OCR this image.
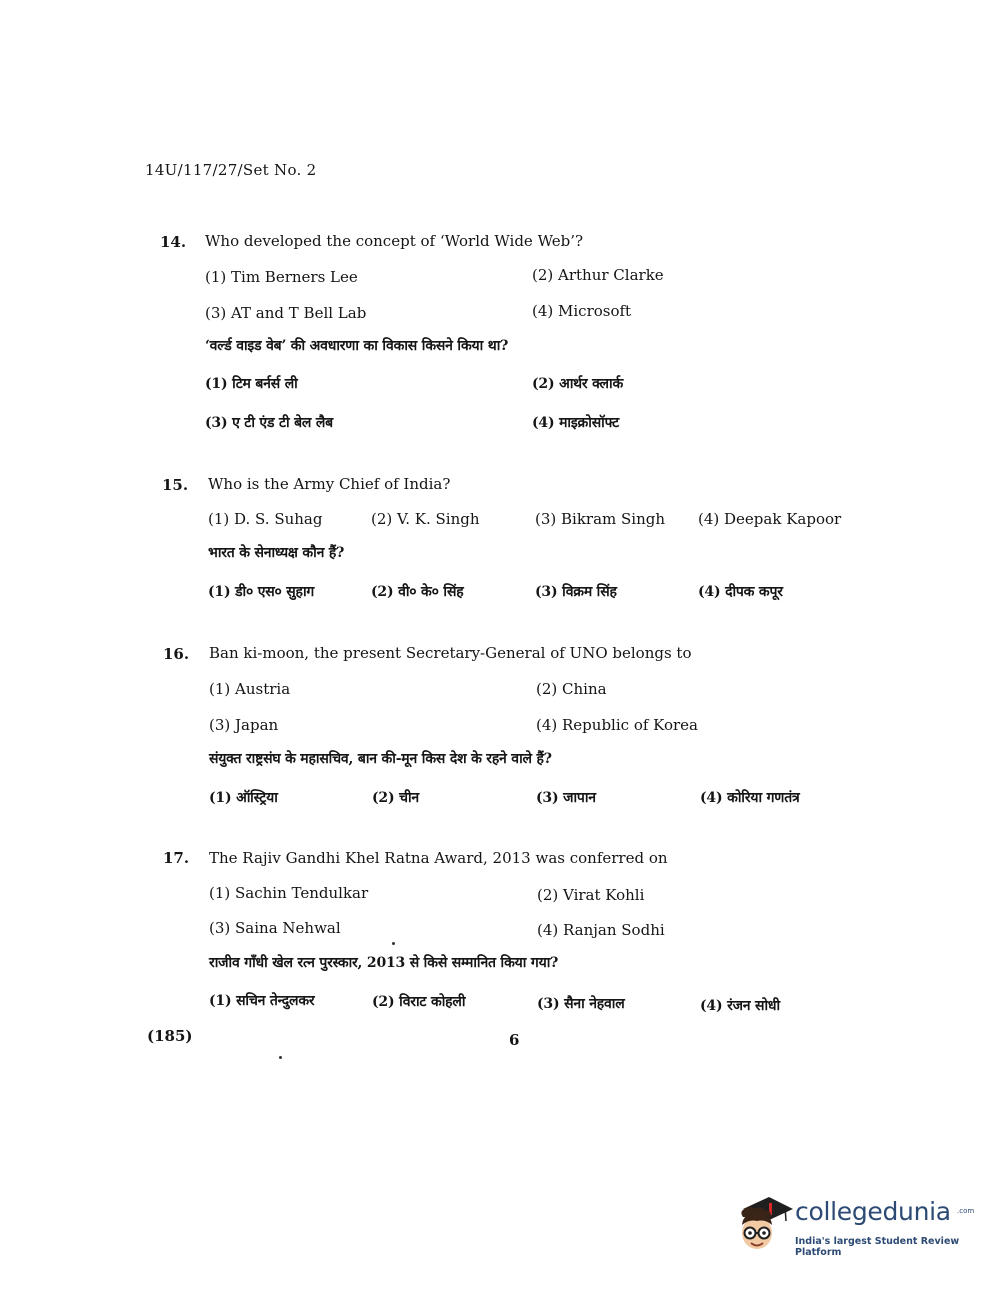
14U/117/27/Set No. 2
14. Who developed the concept of ‘World Wide Web’?
(1) Tim Berners Lee	(2) Arthur Clarke
(3) AT and T Bell Lab	(4) Microsoft
‘वर्ल्ड वाइड वेब’ की अवधारणा का विकास किसने किया था?
(1) टिम बर्नर्स ली	(2) आर्थर क्लार्क
(3) ए टी एंड टी बेल लैब	(4) माइक्रोसॉफ्ट
15. Who is the Army Chief of India?
(1) D. S. Suhag	(2) V. K. Singh	(3) Bikram Singh (4) Deepak Kapoor
भारत के सेनाध्यक्ष कौन हैं?
(1) डी० एस० सुहाग	(2) वी० के० सिंह	(3) विक्रम सिंह	(4) दीपक कपूर
16. Ban ki-moon, the present Secretary-General of UNO belongs to
(1) Austria	(2) China
(3) Japan	(4) Republic of Korea
संयुक्त राष्ट्रसंघ के महासचिव, बान की-मून किस देश के रहने वाले हैं?
(1) ऑस्ट्रिया	(2) चीन	(3) जापान	(4) कोरिया गणतंत्र
17. The Rajiv Gandhi Khel Ratna Award, 2013 was conferred on
(1) Sachin Tendulkar	(2) Virat Kohli
(3) Saina Nehwal	(4) Ranjan Sodhi
राजीव गाँधी खेल रत्न पुरस्कार, 2013 से किसे सम्मानित किया गया?
(1) सचिन तेन्दुलकर	(2) विराट कोहली	(3) सैना नेहवाल	(4) रंजन सोधी
(185)	6
collegedunia .com
India's largest Student Review Platform
